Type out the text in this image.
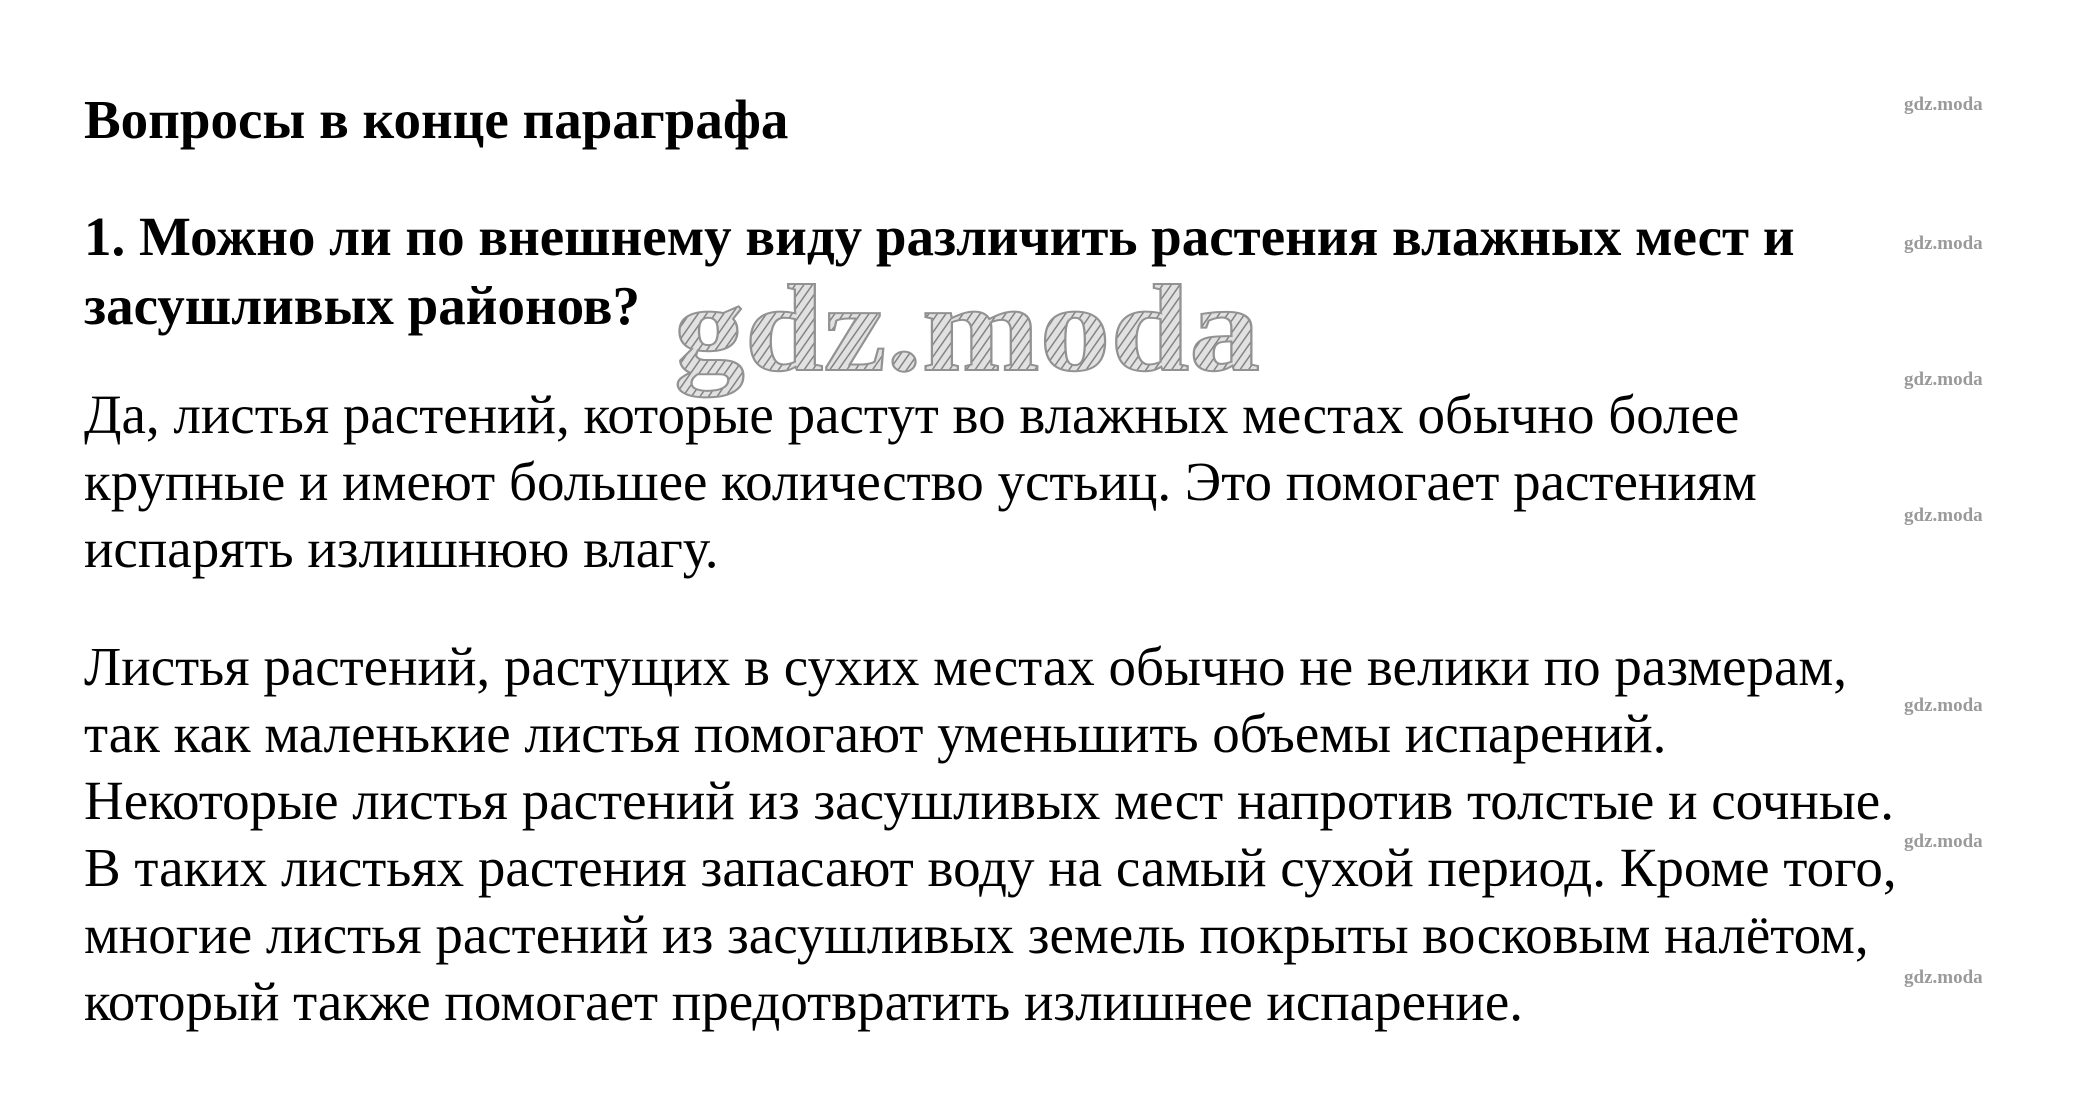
Вопросы в конце параграфа

1. Можно ли по внешнему виду различить растения влажных мест и
засушливых районов?

Да, листья растений, которые растут во влажных местах обычно более
крупные и имеют большее количество устьиц. Это помогает растениям
испарять излишнюю влагу.

Листья растений, растущих в сухих местах обычно не велики по размерам,
так как маленькие листья помогают уменьшить объемы испарений.
Некоторые листья растений из засушливых мест напротив толстые и сочные.
В таких листьях растения запасают воду на самый сухой период. Кроме того,
многие листья растений из засушливых земель покрыты восковым налётом,
который также помогает предотвратить излишнее испарение.

gdz.moda
gdz.moda
gdz.moda
gdz.moda
gdz.moda
gdz.moda
gdz.moda
gdz.moda
